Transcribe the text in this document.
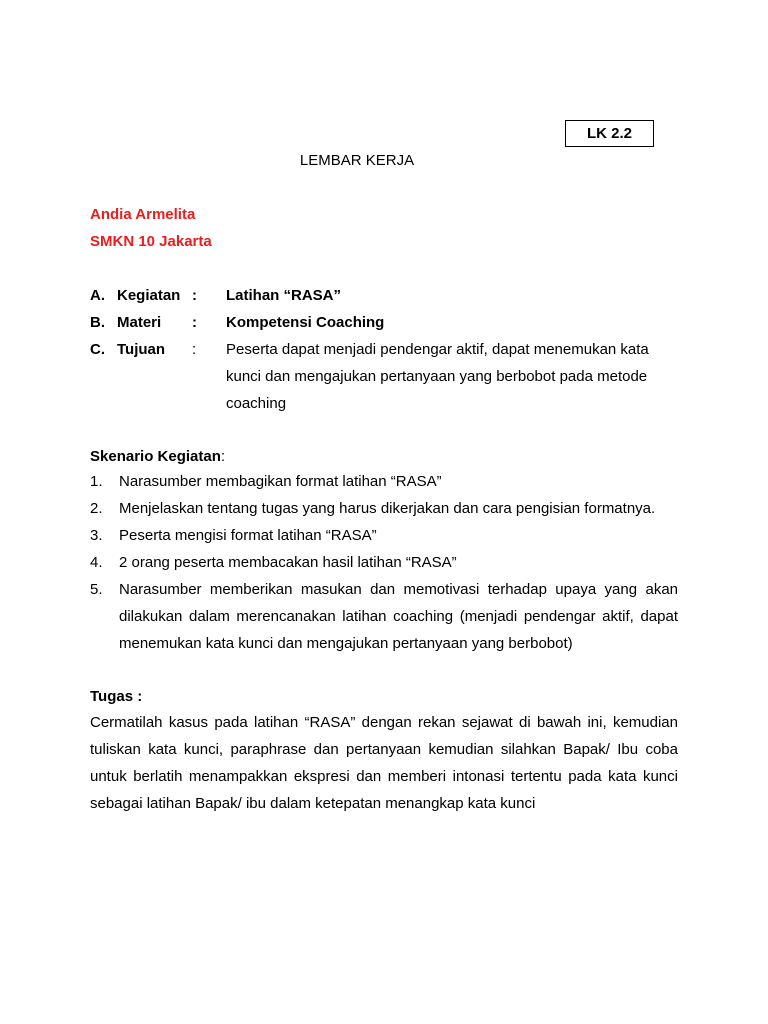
LK 2.2
LEMBAR KERJA
Andia Armelita
SMKN 10 Jakarta
A. Kegiatan : Latihan “RASA”
B. Materi : Kompetensi Coaching
C. Tujuan : Peserta dapat menjadi pendengar aktif, dapat menemukan kata kunci dan mengajukan pertanyaan yang berbobot pada metode coaching
Skenario Kegiatan:
1. Narasumber membagikan format latihan “RASA”
2. Menjelaskan tentang tugas yang harus dikerjakan dan cara pengisian formatnya.
3. Peserta mengisi format latihan “RASA”
4. 2 orang peserta membacakan hasil latihan “RASA”
5. Narasumber memberikan masukan dan memotivasi terhadap upaya yang akan dilakukan dalam merencanakan latihan coaching (menjadi pendengar aktif, dapat menemukan kata kunci dan mengajukan pertanyaan yang berbobot)
Tugas :
Cermatilah kasus pada latihan “RASA” dengan rekan sejawat di bawah ini, kemudian tuliskan kata kunci, paraphrase dan pertanyaan kemudian silahkan Bapak/ Ibu coba untuk berlatih menampakkan ekspresi dan memberi intonasi tertentu pada kata kunci sebagai latihan Bapak/ ibu dalam ketepatan menangkap kata kunci
